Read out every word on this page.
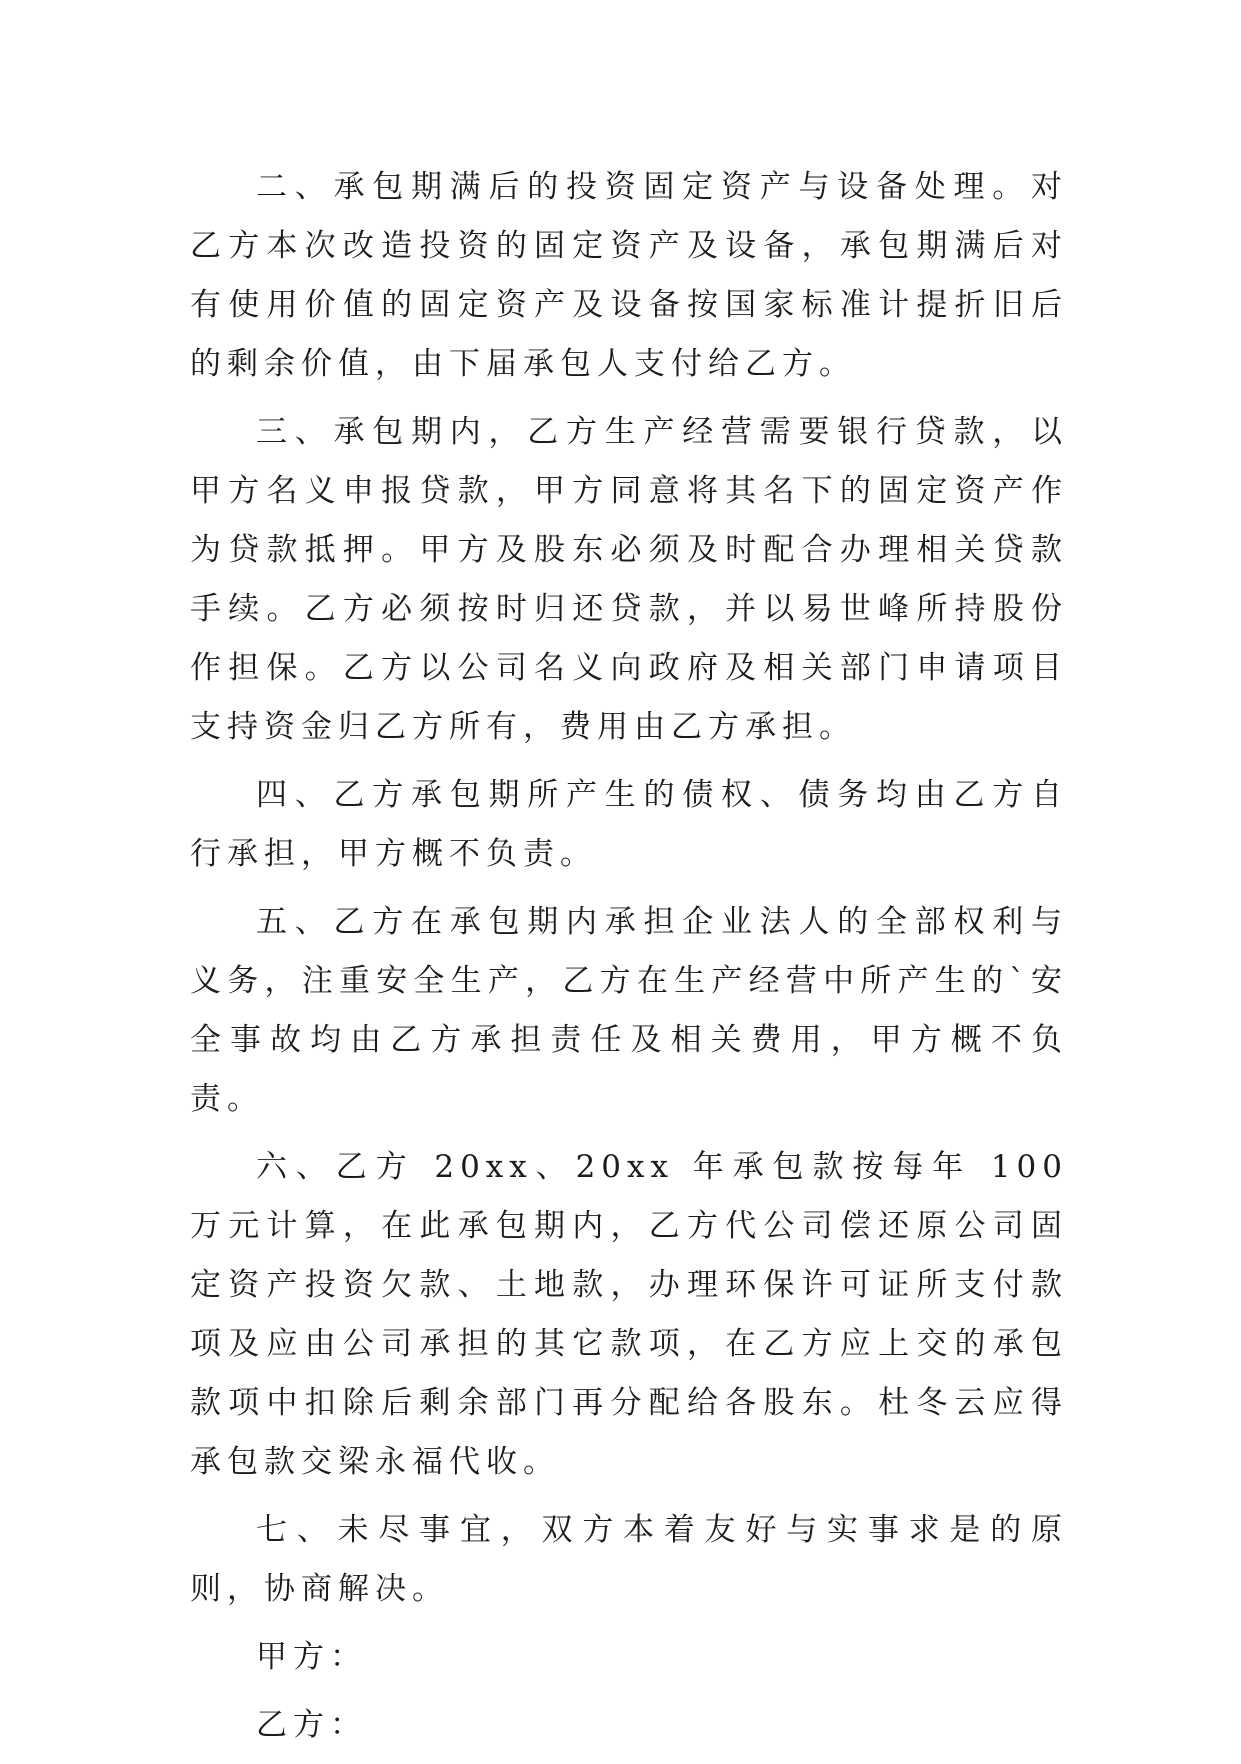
二、承包期满后的投资固定资产与设备处理。对乙方本次改造投资的固定资产及设备，承包期满后对有使用价值的固定资产及设备按国家标准计提折旧后的剩余价值，由下届承包人支付给乙方。

三、承包期内，乙方生产经营需要银行贷款，以甲方名义申报贷款，甲方同意将其名下的固定资产作为贷款抵押。甲方及股东必须及时配合办理相关贷款手续。乙方必须按时归还贷款，并以易世峰所持股份作担保。乙方以公司名义向政府及相关部门申请项目支持资金归乙方所有，费用由乙方承担。

四、乙方承包期所产生的债权、债务均由乙方自行承担，甲方概不负责。

五、乙方在承包期内承担企业法人的全部权利与义务，注重安全生产，乙方在生产经营中所产生的`安全事故均由乙方承担责任及相关费用，甲方概不负责。

六、乙方 20xx、20xx 年承包款按每年 100 万元计算，在此承包期内，乙方代公司偿还原公司固定资产投资欠款、土地款，办理环保许可证所支付款项及应由公司承担的其它款项，在乙方应上交的承包款项中扣除后剩余部门再分配给各股东。杜冬云应得承包款交梁永福代收。

七、未尽事宜，双方本着友好与实事求是的原则，协商解决。

甲方：

乙方：
